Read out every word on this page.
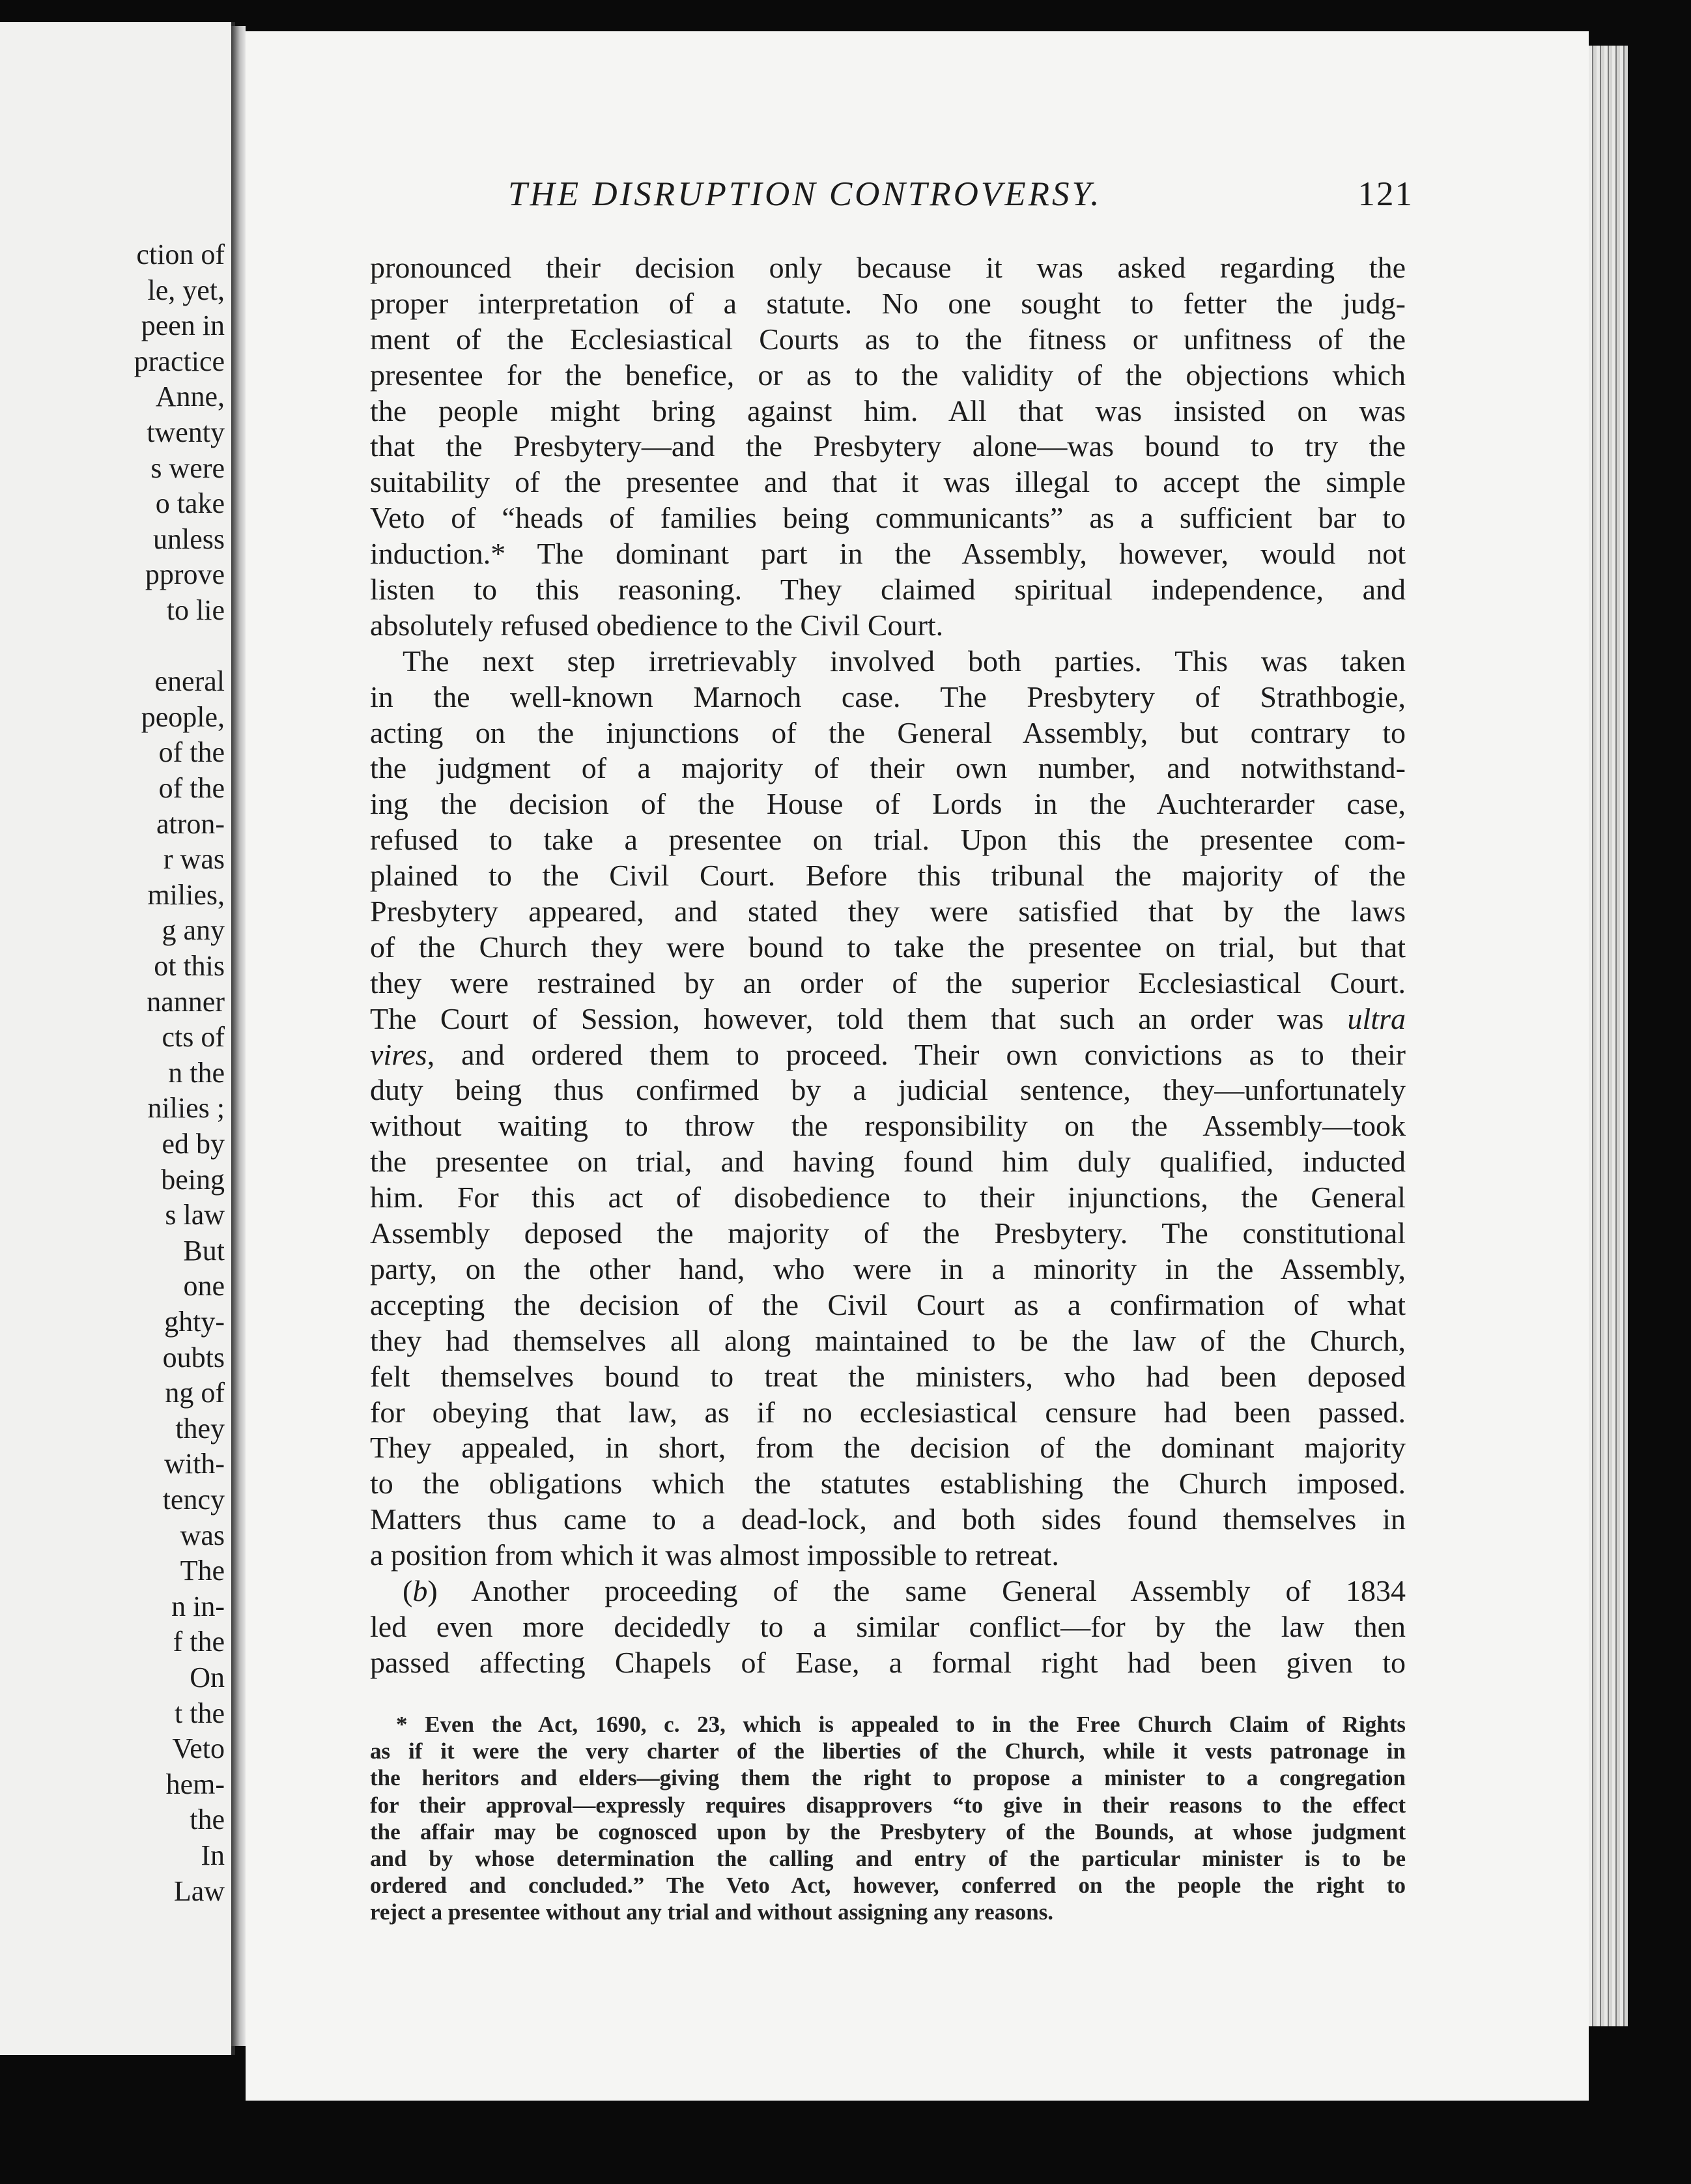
ction of

le, yet,

peen in

practice

Anne,

twenty

s were

o take

unless

pprove

to lie

eneral

people,

of the

of the

atron-

r was

milies,

g any

ot this

nanner

cts of

n the

nilies ;

ed by

being

s law

But

one

ghty-

oubts

ng of

they

with-

tency

was

The

n in-

f the

On

t the

Veto

hem-

the

In

Law

THE DISRUPTION CONTROVERSY.	121
pronounced their decision only because it was asked regarding the
proper interpretation of a statute. No one sought to fetter the judg-
ment of the Ecclesiastical Courts as to the fitness or unfitness of the
presentee for the benefice, or as to the validity of the objections which
the people might bring against him. All that was insisted on was
that the Presbytery—and the Presbytery alone—was bound to try the
suitability of the presentee and that it was illegal to accept the simple
Veto of “heads of families being communicants” as a sufficient bar to
induction.* The dominant part in the Assembly, however, would not
listen to this reasoning. They claimed spiritual independence, and
absolutely refused obedience to the Civil Court.
The next step irretrievably involved both parties. This was taken
in the well-known Marnoch case. The Presbytery of Strathbogie,
acting on the injunctions of the General Assembly, but contrary to
the judgment of a majority of their own number, and notwithstand-
ing the decision of the House of Lords in the Auchterarder case,
refused to take a presentee on trial. Upon this the presentee com-
plained to the Civil Court. Before this tribunal the majority of the
Presbytery appeared, and stated they were satisfied that by the laws
of the Church they were bound to take the presentee on trial, but that
they were restrained by an order of the superior Ecclesiastical Court.
The Court of Session, however, told them that such an order was ultra
vires, and ordered them to proceed. Their own convictions as to their
duty being thus confirmed by a judicial sentence, they—unfortunately
without waiting to throw the responsibility on the Assembly—took
the presentee on trial, and having found him duly qualified, inducted
him. For this act of disobedience to their injunctions, the General
Assembly deposed the majority of the Presbytery. The constitutional
party, on the other hand, who were in a minority in the Assembly,
accepting the decision of the Civil Court as a confirmation of what
they had themselves all along maintained to be the law of the Church,
felt themselves bound to treat the ministers, who had been deposed
for obeying that law, as if no ecclesiastical censure had been passed.
They appealed, in short, from the decision of the dominant majority
to the obligations which the statutes establishing the Church imposed.
Matters thus came to a dead-lock, and both sides found themselves in
a position from which it was almost impossible to retreat.
(b) Another proceeding of the same General Assembly of 1834
led even more decidedly to a similar conflict—for by the law then
passed affecting Chapels of Ease, a formal right had been given to
* Even the Act, 1690, c. 23, which is appealed to in the Free Church Claim of Rights
as if it were the very charter of the liberties of the Church, while it vests patronage in
the heritors and elders—giving them the right to propose a minister to a congregation
for their approval—expressly requires disapprovers “to give in their reasons to the effect
the affair may be cognosced upon by the Presbytery of the Bounds, at whose judgment
and by whose determination the calling and entry of the particular minister is to be
ordered and concluded.” The Veto Act, however, conferred on the people the right to
reject a presentee without any trial and without assigning any reasons.
